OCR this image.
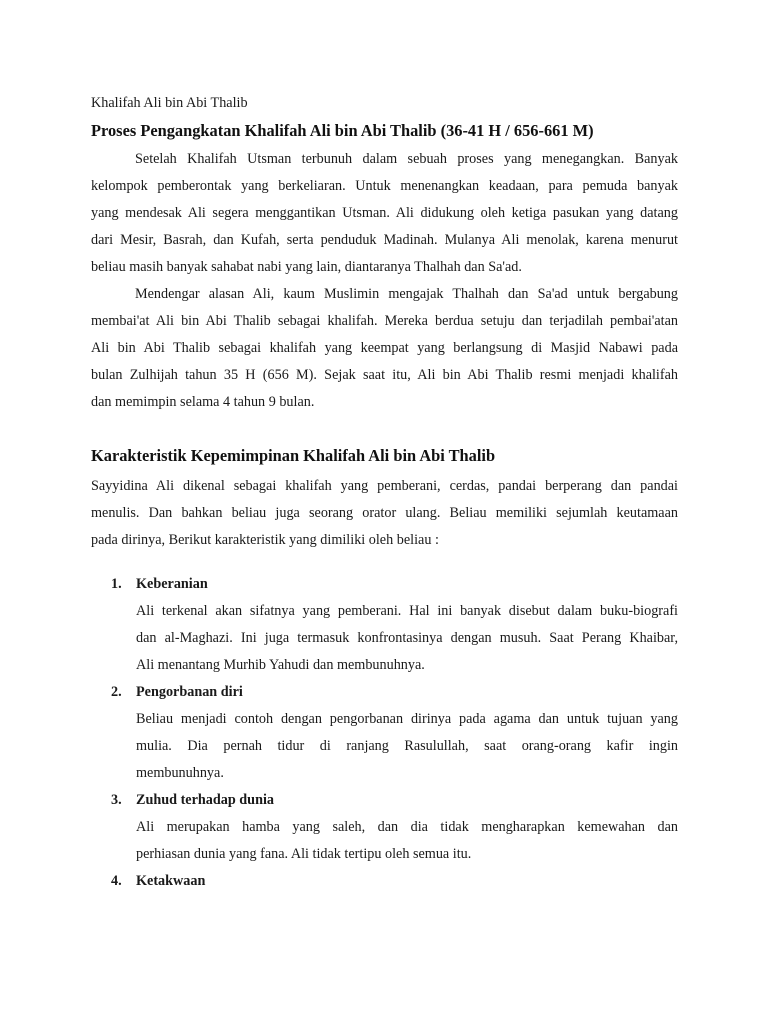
Khalifah Ali bin Abi Thalib
Proses Pengangkatan Khalifah Ali bin Abi Thalib (36-41 H / 656-661 M)
Setelah Khalifah Utsman terbunuh dalam sebuah proses yang menegangkan. Banyak
kelompok pemberontak yang berkeliaran. Untuk menenangkan keadaan, para pemuda banyak
yang mendesak Ali segera menggantikan Utsman. Ali didukung oleh ketiga pasukan yang datang
dari Mesir, Basrah, dan Kufah, serta penduduk Madinah. Mulanya Ali menolak, karena menurut
beliau masih banyak sahabat nabi yang lain, diantaranya Thalhah dan Sa'ad.
Mendengar alasan Ali, kaum Muslimin mengajak Thalhah dan Sa'ad untuk bergabung
membai'at Ali bin Abi Thalib sebagai khalifah. Mereka berdua setuju dan terjadilah pembai'atan
Ali bin Abi Thalib sebagai khalifah yang keempat yang berlangsung di Masjid Nabawi pada
bulan Zulhijah tahun 35 H (656 M). Sejak saat itu, Ali bin Abi Thalib resmi menjadi khalifah
dan memimpin selama 4 tahun 9 bulan.
Karakteristik Kepemimpinan Khalifah Ali bin Abi Thalib
Sayyidina Ali dikenal sebagai khalifah yang pemberani, cerdas, pandai berperang dan pandai
menulis. Dan bahkan beliau juga seorang orator ulang. Beliau memiliki sejumlah keutamaan
pada dirinya, Berikut karakteristik yang dimiliki oleh beliau :
1. Keberanian
Ali terkenal akan sifatnya yang pemberani. Hal ini banyak disebut dalam buku-biografi
dan al-Maghazi. Ini juga termasuk konfrontasinya dengan musuh. Saat Perang Khaibar,
Ali menantang Murhib Yahudi dan membunuhnya.
2. Pengorbanan diri
Beliau menjadi contoh dengan pengorbanan dirinya pada agama dan untuk tujuan yang
mulia. Dia pernah tidur di ranjang Rasulullah, saat orang-orang kafir ingin
membunuhnya.
3. Zuhud terhadap dunia
Ali merupakan hamba yang saleh, dan dia tidak mengharapkan kemewahan dan
perhiasan dunia yang fana. Ali tidak tertipu oleh semua itu.
4. Ketakwaan
